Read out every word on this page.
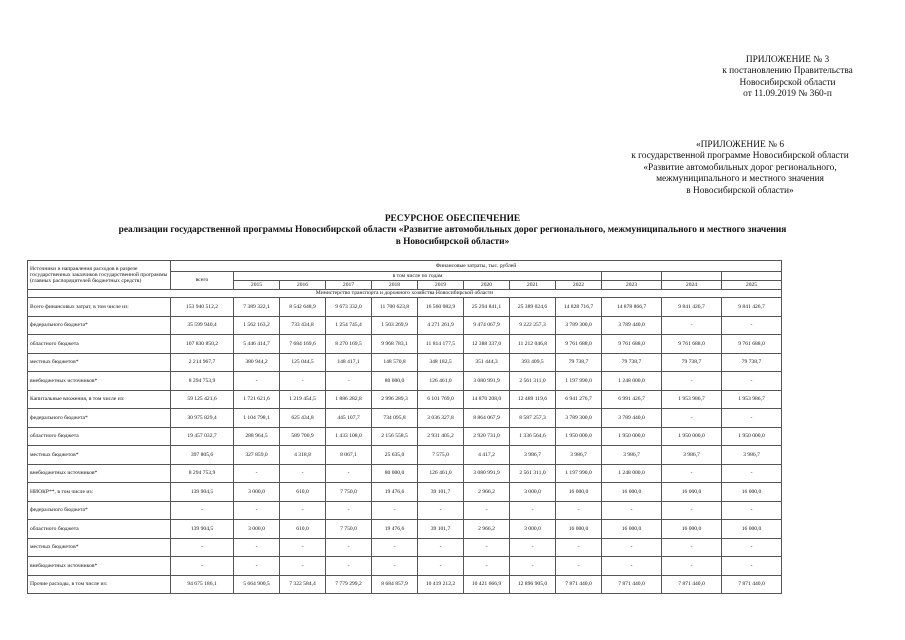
ПРИЛОЖЕНИЕ № 3
к постановлению Правительства
Новосибирской области
от 11.09.2019 № 360-п
«ПРИЛОЖЕНИЕ № 6
к государственной программе Новосибирской области
«Развитие автомобильных дорог регионального,
межмуниципального и местного значения
в Новосибирской области»
РЕСУРСНОЕ ОБЕСПЕЧЕНИЕ
реализации государственной программы Новосибирской области «Развитие автомобильных дорог регионального, межмуниципального и местного значения
в Новосибирской области»
Источники и направления расходов в разрезе государственных заказчиков государственной программы (главных распорядителей бюджетных средств)	Финансовые затраты, тыс. рублей											
	всего	в том числе по годам										
		2015	2016	2017	2018	2019	2020	2021	2022	2023	2024	2025
Министерство транспорта и дорожного хозяйства Новосибирской области												
Всего финансовых затрат, в том числе из:	153 940 512,2	7 389 322,1	8 542 648,9	9 673 332,0	11 700 623,8	16 560 082,9	25 294 841,1	25 389 024,6	14 828 716,7	14 878 866,7	9 841 426,7	9 841 426,7
федерального бюджета*	35 599 940,4	1 562 163,2	733 434,8	1 254 745,4	1 503 269,9	4 271 261,9	9 474 067,9	9 222 257,3	3 789 300,0	3 789 440,0	-	-
областного бюджета	107 830 850,2	5 446 414,7	7 684 169,6	8 270 169,5	9 968 783,1	11 814 177,5	12 388 337,0	11 212 046,8	9 761 688,0	9 761 688,0	9 761 688,0	9 761 688,0
местных бюджетов*	2 214 967,7	380 944,2	125 044,5	148 417,1	148 570,8	348 182,5	351 444,3	393 409,5	79 738,7	79 738,7	79 738,7	79 738,7
внебюджетных источников*	8 294 753,9	-	-	-	80 000,0	126 461,0	3 080 991,9	2 561 311,0	1 197 990,0	1 248 000,0	-	-
Капитальные вложения, в том числе из:	59 125 421,6	1 721 621,6	1 219 454,5	1 886 282,8	2 996 289,3	6 101 769,0	14 870 208,0	12 489 119,6	6 941 276,7	6 991 426,7	1 953 986,7	1 953 986,7
федерального бюджета*	30 975 829,4	1 104 798,1	625 434,8	445 107,7	734 095,8	3 036 327,8	8 864 067,9	8 587 257,3	3 789 300,0	3 789 440,0	-	-
областного бюджета	19 457 032,7	288 964,5	589 700,9	1 433 108,0	2 156 558,5	2 931 405,2	2 920 731,0	1 336 564,6	1 950 000,0	1 950 000,0	1 950 000,0	1 950 000,0
местных бюджетов*	397 805,6	327 859,0	4 318,8	8 067,1	25 635,0	7 575,0	4 417,2	3 986,7	3 986,7	3 986,7	3 986,7	3 986,7
внебюджетных источников*	8 294 753,9	-	-	-	80 000,0	126 461,0	3 080 991,9	2 561 311,0	1 197 990,0	1 248 000,0	-	-
НИОКР**, в том числе из:	139 904,5	3 000,0	610,0	7 750,0	19 476,6	39 101,7	2 966,2	3 000,0	16 000,0	16 000,0	16 000,0	16 000,0
федерального бюджета*	-	-	-	-	-	-	-	-	-	-	-	-
областного бюджета	139 904,5	3 000,0	610,0	7 750,0	19 476,6	39 101,7	2 966,2	3 000,0	16 000,0	16 000,0	16 000,0	16 000,0
местных бюджетов*	-	-	-	-	-	-	-	-	-	-	-	-
внебюджетных источников*	-	-	-	-	-	-	-	-	-	-	-	-
Прочие расходы, в том числе из:	94 675 186,1	5 664 900,5	7 322 584,4	7 779 299,2	8 684 857,9	10 419 212,2	10 421 666,9	12 896 905,0	7 871 440,0	7 871 440,0	7 871 440,0	7 871 440,0
